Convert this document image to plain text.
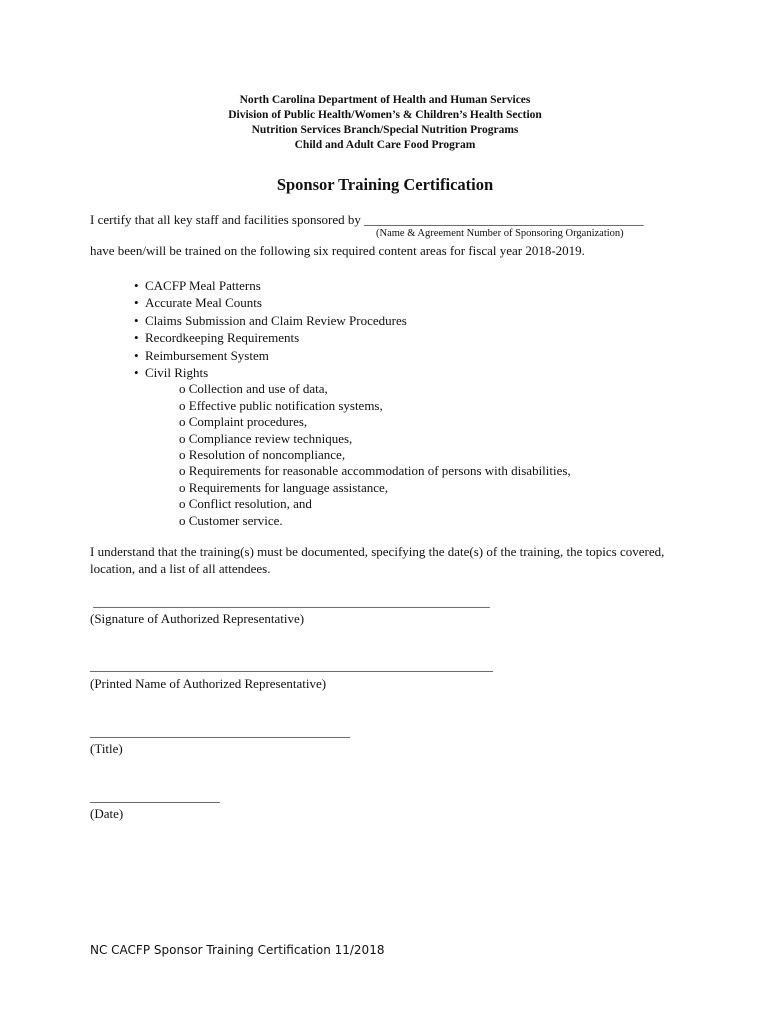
North Carolina Department of Health and Human Services
Division of Public Health/Women’s & Children’s Health Section
Nutrition Services Branch/Special Nutrition Programs
Child and Adult Care Food Program
Sponsor Training Certification
I certify that all key staff and facilities sponsored by ___________________________________________
(Name & Agreement Number of Sponsoring Organization)
have been/will be trained on the following six required content areas for fiscal year 2018-2019.
• CACFP Meal Patterns
• Accurate Meal Counts
• Claims Submission and Claim Review Procedures
• Recordkeeping Requirements
• Reimbursement System
• Civil Rights
o Collection and use of data,
o Effective public notification systems,
o Complaint procedures,
o Compliance review techniques,
o Resolution of noncompliance,
o Requirements for reasonable accommodation of persons with disabilities,
o Requirements for language assistance,
o Conflict resolution, and
o Customer service.
I understand that the training(s) must be documented, specifying the date(s) of the training, the topics covered, location, and a list of all attendees.
_____________________________________________________________
(Signature of Authorized Representative)
______________________________________________________________
(Printed Name of Authorized Representative)
________________________________________
(Title)
____________________
(Date)
NC CACFP Sponsor Training Certification 11/2018
